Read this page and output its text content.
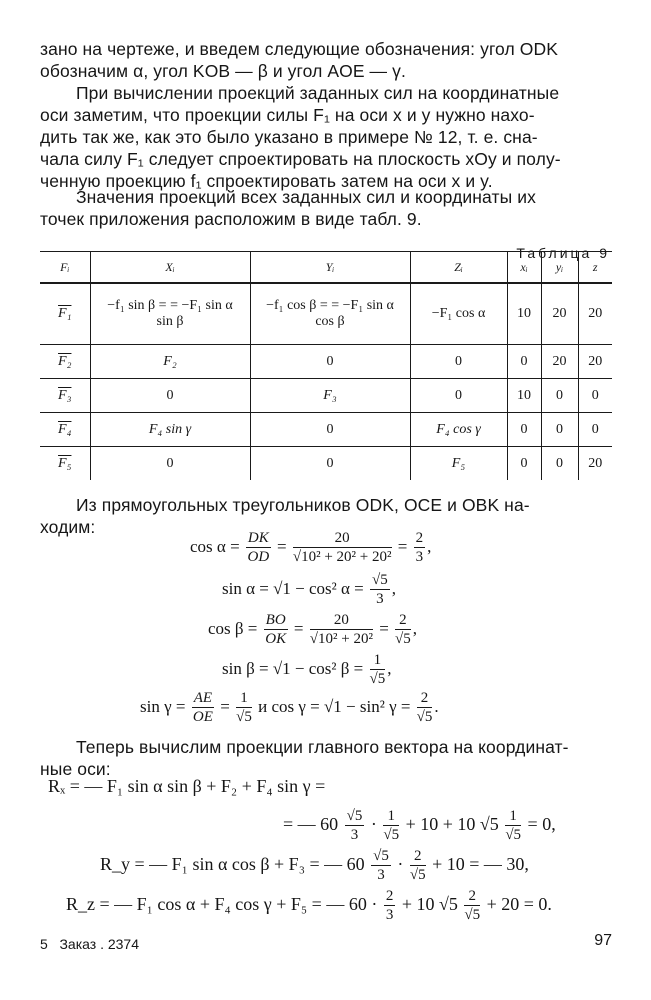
зано на чертеже, и введем следующие обозначения: угол ODK
обозначим α, угол KOB — β и угол AOE — γ.
При вычислении проекций заданных сил на координатные
оси заметим, что проекции силы F₁ на оси x и y нужно нахо-
дить так же, как это было указано в примере № 12, т. е. сна-
чала силу F₁ следует спроектировать на плоскость xOy и полу-
ченную проекцию f₁ спроектировать затем на оси x и y.
Значения проекций всех заданных сил и координаты их
точек приложения расположим в виде табл. 9.
Таблица 9
Fᵢ	Xᵢ	Yᵢ	Zᵢ	xᵢ	yᵢ	z
F₁	−f₁ sin β = = −F₁ sin α sin β	−f₁ cos β = = −F₁ sin α cos β	−F₁ cos α	10	20	20
F₂	F₂	0	0	0	20	20
F₃	0	F₃	0	10	0	0
F₄	F₄ sin γ	0	F₄ cos γ	0	0	0
F₅	0	0	F₅	0	0	20
Из прямоугольных треугольников ODK, OCE и OBK на-
ходим:
$\cos \alpha = \frac{DK}{OD} = \frac{20}{\text{√10² + 20² + 20²}} = \frac{2}{3}$ ,
sin α = √1 − cos² $\alpha = \frac{√5}{3}$ ,
$\cos \beta = \frac{BO}{OK} = \frac{20}{\text{√10² + 20²}} = \frac{2}{√5}$ ,
sin β = √1 − cos² $\beta = \frac{1}{√5}$ ,
$\sin \gamma = \frac{AE}{OE} = \frac{1}{√5}$ и cos γ = √1 − sin² $\gamma = \frac{2}{√5}$ .
Теперь вычислим проекции главного вектора на координат-
ные оси:
Rₓ = — F₁ sin α sin β + F₂ + F₄ sin γ =
= — $60 \frac{√5}{3} \cdot \frac{1}{√5} + 10 + 10$ $√5 \frac{1}{√5} = 0$,
R_y = — F₁ sin α cos β + F₃ = — $60 \frac{√5}{3} \cdot \frac{2}{√5} + 10$ = — 30,
R_z = — F₁ cos α + F₄ cos γ + F₅ = — $60 \cdot \frac{2}{3} + 10$ $√5 \frac{2}{√5} + 20 = 0$.
5   Заказ . 2374	97
